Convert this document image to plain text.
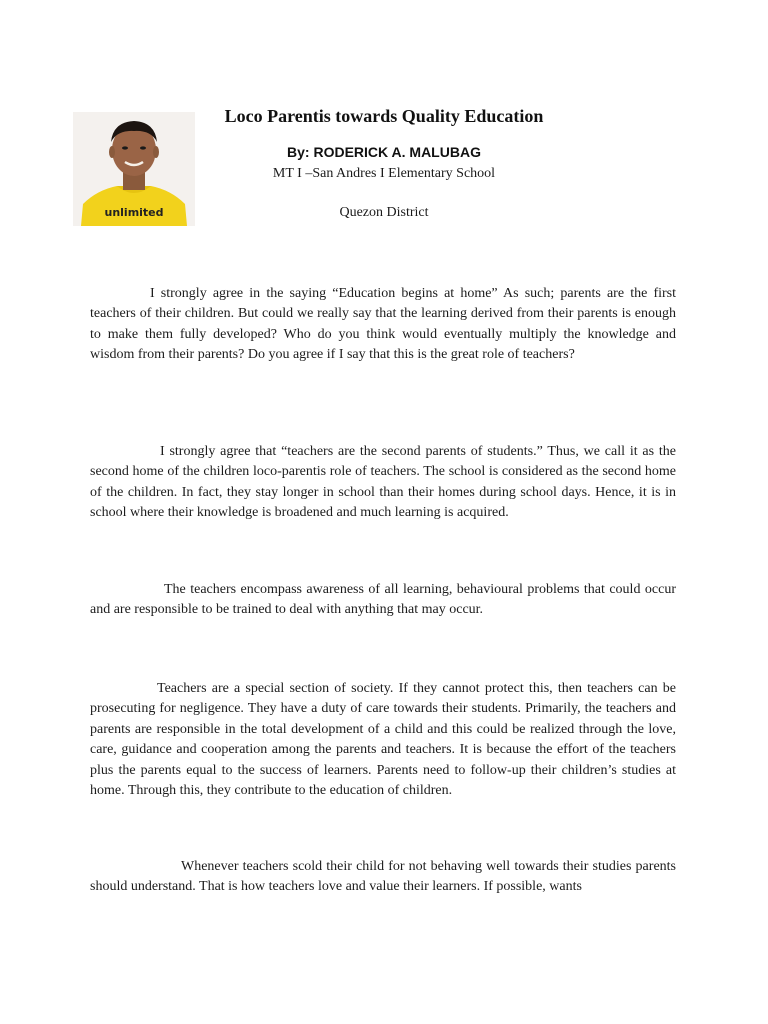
unlimited
Loco Parentis towards Quality Education
By: RODERICK A. MALUBAG
MT I –San Andres I Elementary School
Quezon District

I strongly agree in the saying “Education begins at home” As such; parents are the first teachers of their children. But could we really say that the learning derived from their parents is enough to make them fully developed? Who do you think would eventually multiply the knowledge and wisdom from their parents? Do you agree if I say that this is the great role of teachers?

I strongly agree that “teachers are the second parents of students.” Thus, we call it as the second home of the children loco-parentis role of teachers. The school is considered as the second home of the children. In fact, they stay longer in school than their homes during school days. Hence, it is in school where their knowledge is broadened and much learning is acquired.

The teachers encompass awareness of all learning, behavioural problems that could occur and are responsible to be trained to deal with anything that may occur.

Teachers are a special section of society. If they cannot protect this, then teachers can be prosecuting for negligence. They have a duty of care towards their students. Primarily, the teachers and parents are responsible in the total development of a child and this could be realized through the love, care, guidance and cooperation among the parents and teachers. It is because the effort of the teachers plus the parents equal to the success of learners. Parents need to follow-up their children’s studies at home. Through this, they contribute to the education of children.

Whenever teachers scold their child for not behaving well towards their studies parents should understand. That is how teachers love and value their learners. If possible, wants
